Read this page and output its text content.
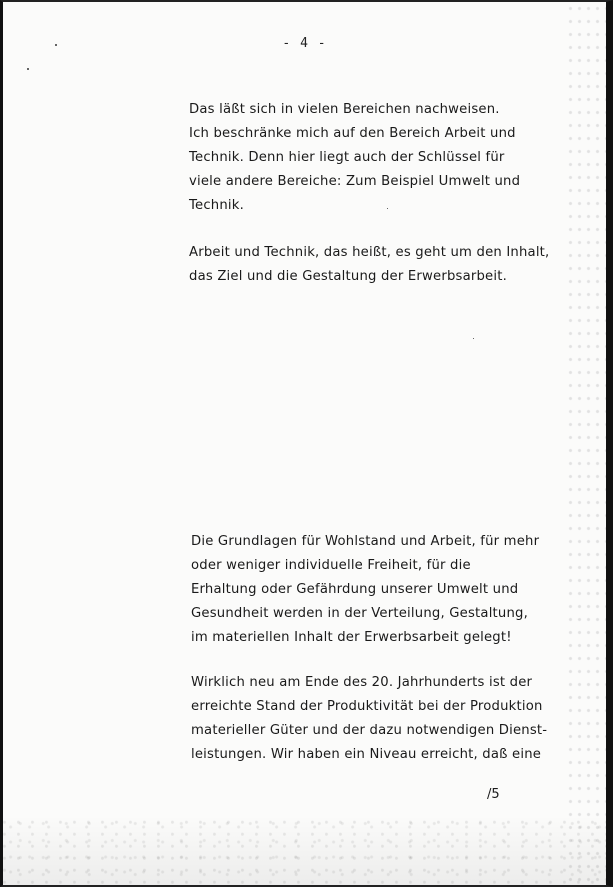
- 4 -
Das läßt sich in vielen Bereichen nachweisen.
Ich beschränke mich auf den Bereich Arbeit und
Technik. Denn hier liegt auch der Schlüssel für
viele andere Bereiche: Zum Beispiel Umwelt und
Technik.
Arbeit und Technik, das heißt, es geht um den Inhalt,
das Ziel und die Gestaltung der Erwerbsarbeit.
Die Grundlagen für Wohlstand und Arbeit, für mehr
oder weniger individuelle Freiheit, für die
Erhaltung oder Gefährdung unserer Umwelt und
Gesundheit werden in der Verteilung, Gestaltung,
im materiellen Inhalt der Erwerbsarbeit gelegt!
Wirklich neu am Ende des 20. Jahrhunderts ist der
erreichte Stand der Produktivität bei der Produktion
materieller Güter und der dazu notwendigen Dienst-
leistungen. Wir haben ein Niveau erreicht, daß eine
/5
